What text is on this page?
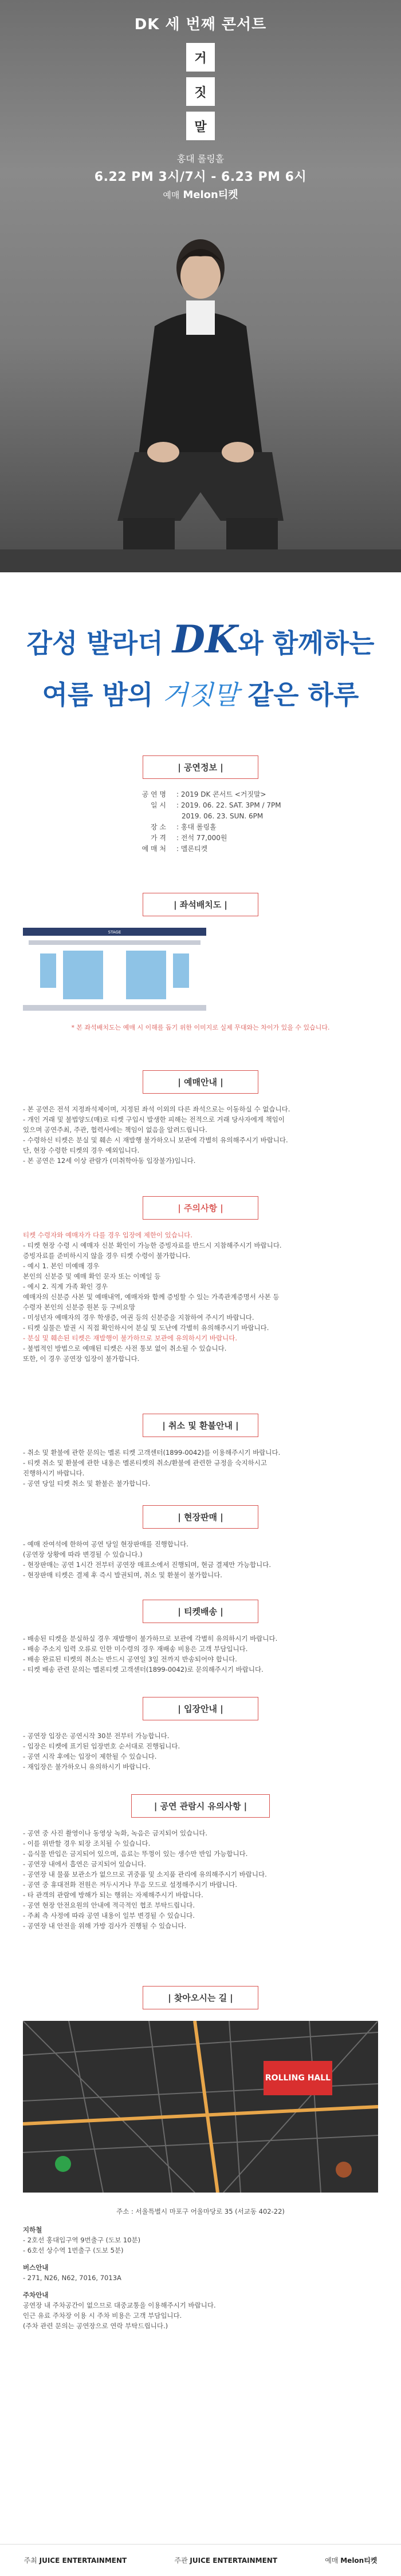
DK 세 번째 콘서트
거
짓
말
홍대 롤링홀
6.22 PM 3시/7시 - 6.23 PM 6시
예매 Melon티켓
감성 발라더 DK와 함께하는
여름 밤의 거짓말 같은 하루
| 공연정보 |
공 연 명	: 2019 DK 콘서트 <거짓말>
일 시	: 2019. 06. 22. SAT. 3PM / 7PM
2019. 06. 23. SUN. 6PM
장 소	: 홍대 롤링홀
가 격	: 전석 77,000원
예 매 처	: 멜론티켓
| 좌석배치도 |
STAGE
* 본 좌석배치도는 예매 시 이해를 돕기 위한 이미지로 실제 무대와는 차이가 있을 수 있습니다.
| 예매안내 |
- 본 공연은 전석 지정좌석제이며, 지정된 좌석 이외의 다른 좌석으로는 이동하실 수 없습니다.
- 개인 거래 및 불법양도(매)로 티켓 구입시 발생한 피해는 전적으로 거래 당사자에게 책임이
있으며 공연주최, 주관, 협력사에는 책임이 없음을 알려드립니다.
- 수령하신 티켓은 분실 및 훼손 시 재발행 불가하오니 보관에 각별히 유의해주시기 바랍니다.
단, 현장 수령한 티켓의 경우 예외입니다.
- 본 공연은 12세 이상 관람가 (미취학아동 입장불가)입니다.
| 주의사항 |
티켓 수령자와 예매자가 다를 경우 입장에 제한이 있습니다.
- 티켓 현장 수령 시 예매자 신분 확인이 가능한 증빙자료를 반드시 지참해주시기 바랍니다.
증빙자료를 준비하시지 않을 경우 티켓 수령이 불가합니다.
- 예시 1. 본인 미예매 경우
본인의 신분증 및 예매 확인 문자 또는 이메일 등
- 예시 2. 직계 가족 확인 경우
예매자의 신분증 사본 및 예매내역, 예매자와 함께 증빙할 수 있는 가족관계증명서 사본 등
수령자 본인의 신분증 원본 등 구비요망
- 미성년자 예매자의 경우 학생증, 여권 등의 신분증을 지참하여 주시기 바랍니다.
- 티켓 실물은 발권 시 직접 확인하시어 분실 및 도난에 각별히 유의해주시기 바랍니다.
- 분실 및 훼손된 티켓은 재발행이 불가하므로 보관에 유의하시기 바랍니다.
- 불법적인 방법으로 예매된 티켓은 사전 통보 없이 취소될 수 있습니다.
또한, 이 경우 공연장 입장이 불가합니다.
| 취소 및 환불안내 |
- 취소 및 환불에 관한 문의는 멜론 티켓 고객센터(1899-0042)를 이용해주시기 바랍니다.
- 티켓 취소 및 환불에 관한 내용은 멜론티켓의 취소/환불에 관련한 규정을 숙지하시고
진행하시기 바랍니다.
- 공연 당일 티켓 취소 및 환불은 불가합니다.
| 현장판매 |
- 예매 잔여석에 한하여 공연 당일 현장판매를 진행합니다.
(공연장 상황에 따라 변경될 수 있습니다.)
- 현장판매는 공연 1시간 전부터 공연장 매표소에서 진행되며, 현금 결제만 가능합니다.
- 현장판매 티켓은 결제 후 즉시 발권되며, 취소 및 환불이 불가합니다.
| 티켓배송 |
- 배송된 티켓을 분실하실 경우 재발행이 불가하므로 보관에 각별히 유의하시기 바랍니다.
- 배송 주소지 입력 오류로 인한 미수령의 경우 재배송 비용은 고객 부담입니다.
- 배송 완료된 티켓의 취소는 반드시 공연일 3일 전까지 반송되어야 합니다.
- 티켓 배송 관련 문의는 멜론티켓 고객센터(1899-0042)로 문의해주시기 바랍니다.
| 입장안내 |
- 공연장 입장은 공연시작 30분 전부터 가능합니다.
- 입장은 티켓에 표기된 입장번호 순서대로 진행됩니다.
- 공연 시작 후에는 입장이 제한될 수 있습니다.
- 재입장은 불가하오니 유의하시기 바랍니다.
| 공연 관람시 유의사항 |
- 공연 중 사진 촬영이나 동영상 녹화, 녹음은 금지되어 있습니다.
- 이를 위반할 경우 퇴장 조치될 수 있습니다.
- 음식물 반입은 금지되어 있으며, 음료는 뚜껑이 있는 생수만 반입 가능합니다.
- 공연장 내에서 흡연은 금지되어 있습니다.
- 공연장 내 물품 보관소가 없으므로 귀중품 및 소지품 관리에 유의해주시기 바랍니다.
- 공연 중 휴대전화 전원은 꺼두시거나 무음 모드로 설정해주시기 바랍니다.
- 타 관객의 관람에 방해가 되는 행위는 자제해주시기 바랍니다.
- 공연 현장 안전요원의 안내에 적극적인 협조 부탁드립니다.
- 주최 측 사정에 따라 공연 내용이 일부 변경될 수 있습니다.
- 공연장 내 안전을 위해 가방 검사가 진행될 수 있습니다.
| 찾아오시는 길 |
ROLLING HALL
주소 : 서울특별시 마포구 어울마당로 35 (서교동 402-22)
지하철
- 2호선 홍대입구역 9번출구 (도보 10분)
- 6호선 상수역 1번출구 (도보 5분)
버스안내
- 271, N26, N62, 7016, 7013A
주차안내
공연장 내 주차공간이 없으므로 대중교통을 이용해주시기 바랍니다.
인근 유료 주차장 이용 시 주차 비용은 고객 부담입니다.
(주차 관련 문의는 공연장으로 연락 부탁드립니다.)
주최 JUICE ENTERTAINMENT	주관 JUICE ENTERTAINMENT	예매 Melon티켓
